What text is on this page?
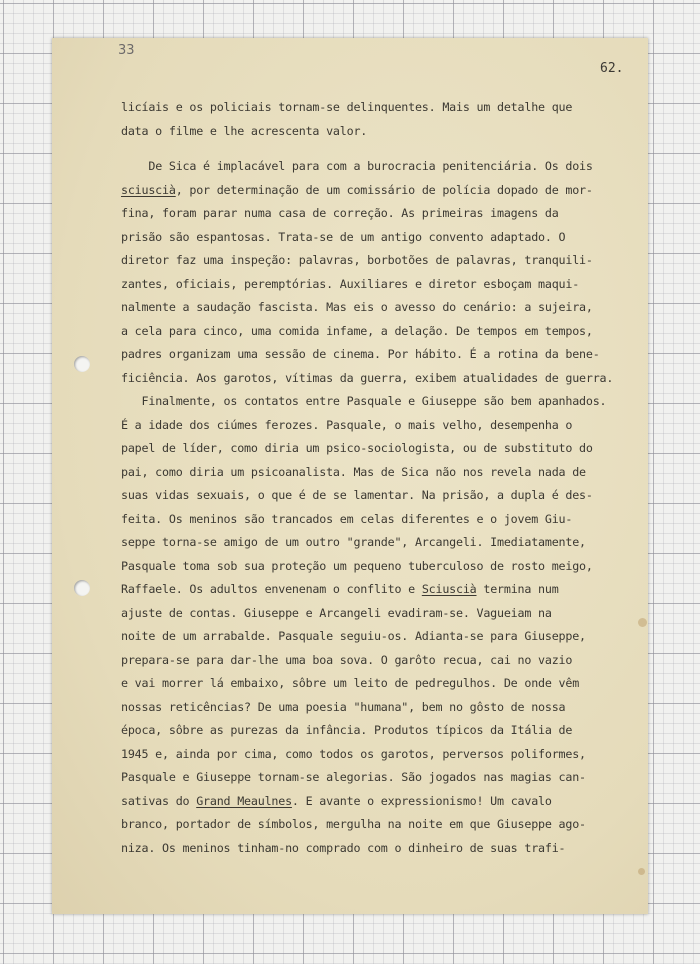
33
62.
licíais e os policiais tornam-se delinquentes. Mais um detalhe que
data o filme e lhe acrescenta valor.
De Sica é implacável para com a burocracia penitenciária. Os dois
sciuscià, por determinação de um comissário de polícia dopado de mor-
fina, foram parar numa casa de correção. As primeiras imagens da
prisão são espantosas. Trata-se de um antigo convento adaptado. O
diretor faz uma inspeção: palavras, borbotões de palavras, tranquili-
zantes, oficiais, peremptórias. Auxiliares e diretor esboçam maqui-
nalmente a saudação fascista. Mas eis o avesso do cenário: a sujeira,
a cela para cinco, uma comida infame, a delação. De tempos em tempos,
padres organizam uma sessão de cinema. Por hábito. É a rotina da bene-
ficiência. Aos garotos, vítimas da guerra, exibem atualidades de guerra.
Finalmente, os contatos entre Pasquale e Giuseppe são bem apanhados.
É a idade dos ciúmes ferozes. Pasquale, o mais velho, desempenha o
papel de líder, como diria um psico-sociologista, ou de substituto do
pai, como diria um psicoanalista. Mas de Sica não nos revela nada de
suas vidas sexuais, o que é de se lamentar. Na prisão, a dupla é des-
feita. Os meninos são trancados em celas diferentes e o jovem Giu-
seppe torna-se amigo de um outro "grande", Arcangeli. Imediatamente,
Pasquale toma sob sua proteção um pequeno tuberculoso de rosto meigo,
Raffaele. Os adultos envenenam o conflito e Sciuscià termina num
ajuste de contas. Giuseppe e Arcangeli evadiram-se. Vagueiam na
noite de um arrabalde. Pasquale seguiu-os. Adianta-se para Giuseppe,
prepara-se para dar-lhe uma boa sova. O garôto recua, cai no vazio
e vai morrer lá embaixo, sôbre um leito de pedregulhos. De onde vêm
nossas reticências? De uma poesia "humana", bem no gôsto de nossa
época, sôbre as purezas da infância. Produtos típicos da Itália de
1945 e, ainda por cima, como todos os garotos, perversos poliformes,
Pasquale e Giuseppe tornam-se alegorias. São jogados nas magias can-
sativas do Grand Meaulnes. E avante o expressionismo! Um cavalo
branco, portador de símbolos, mergulha na noite em que Giuseppe ago-
niza. Os meninos tinham-no comprado com o dinheiro de suas trafi-
